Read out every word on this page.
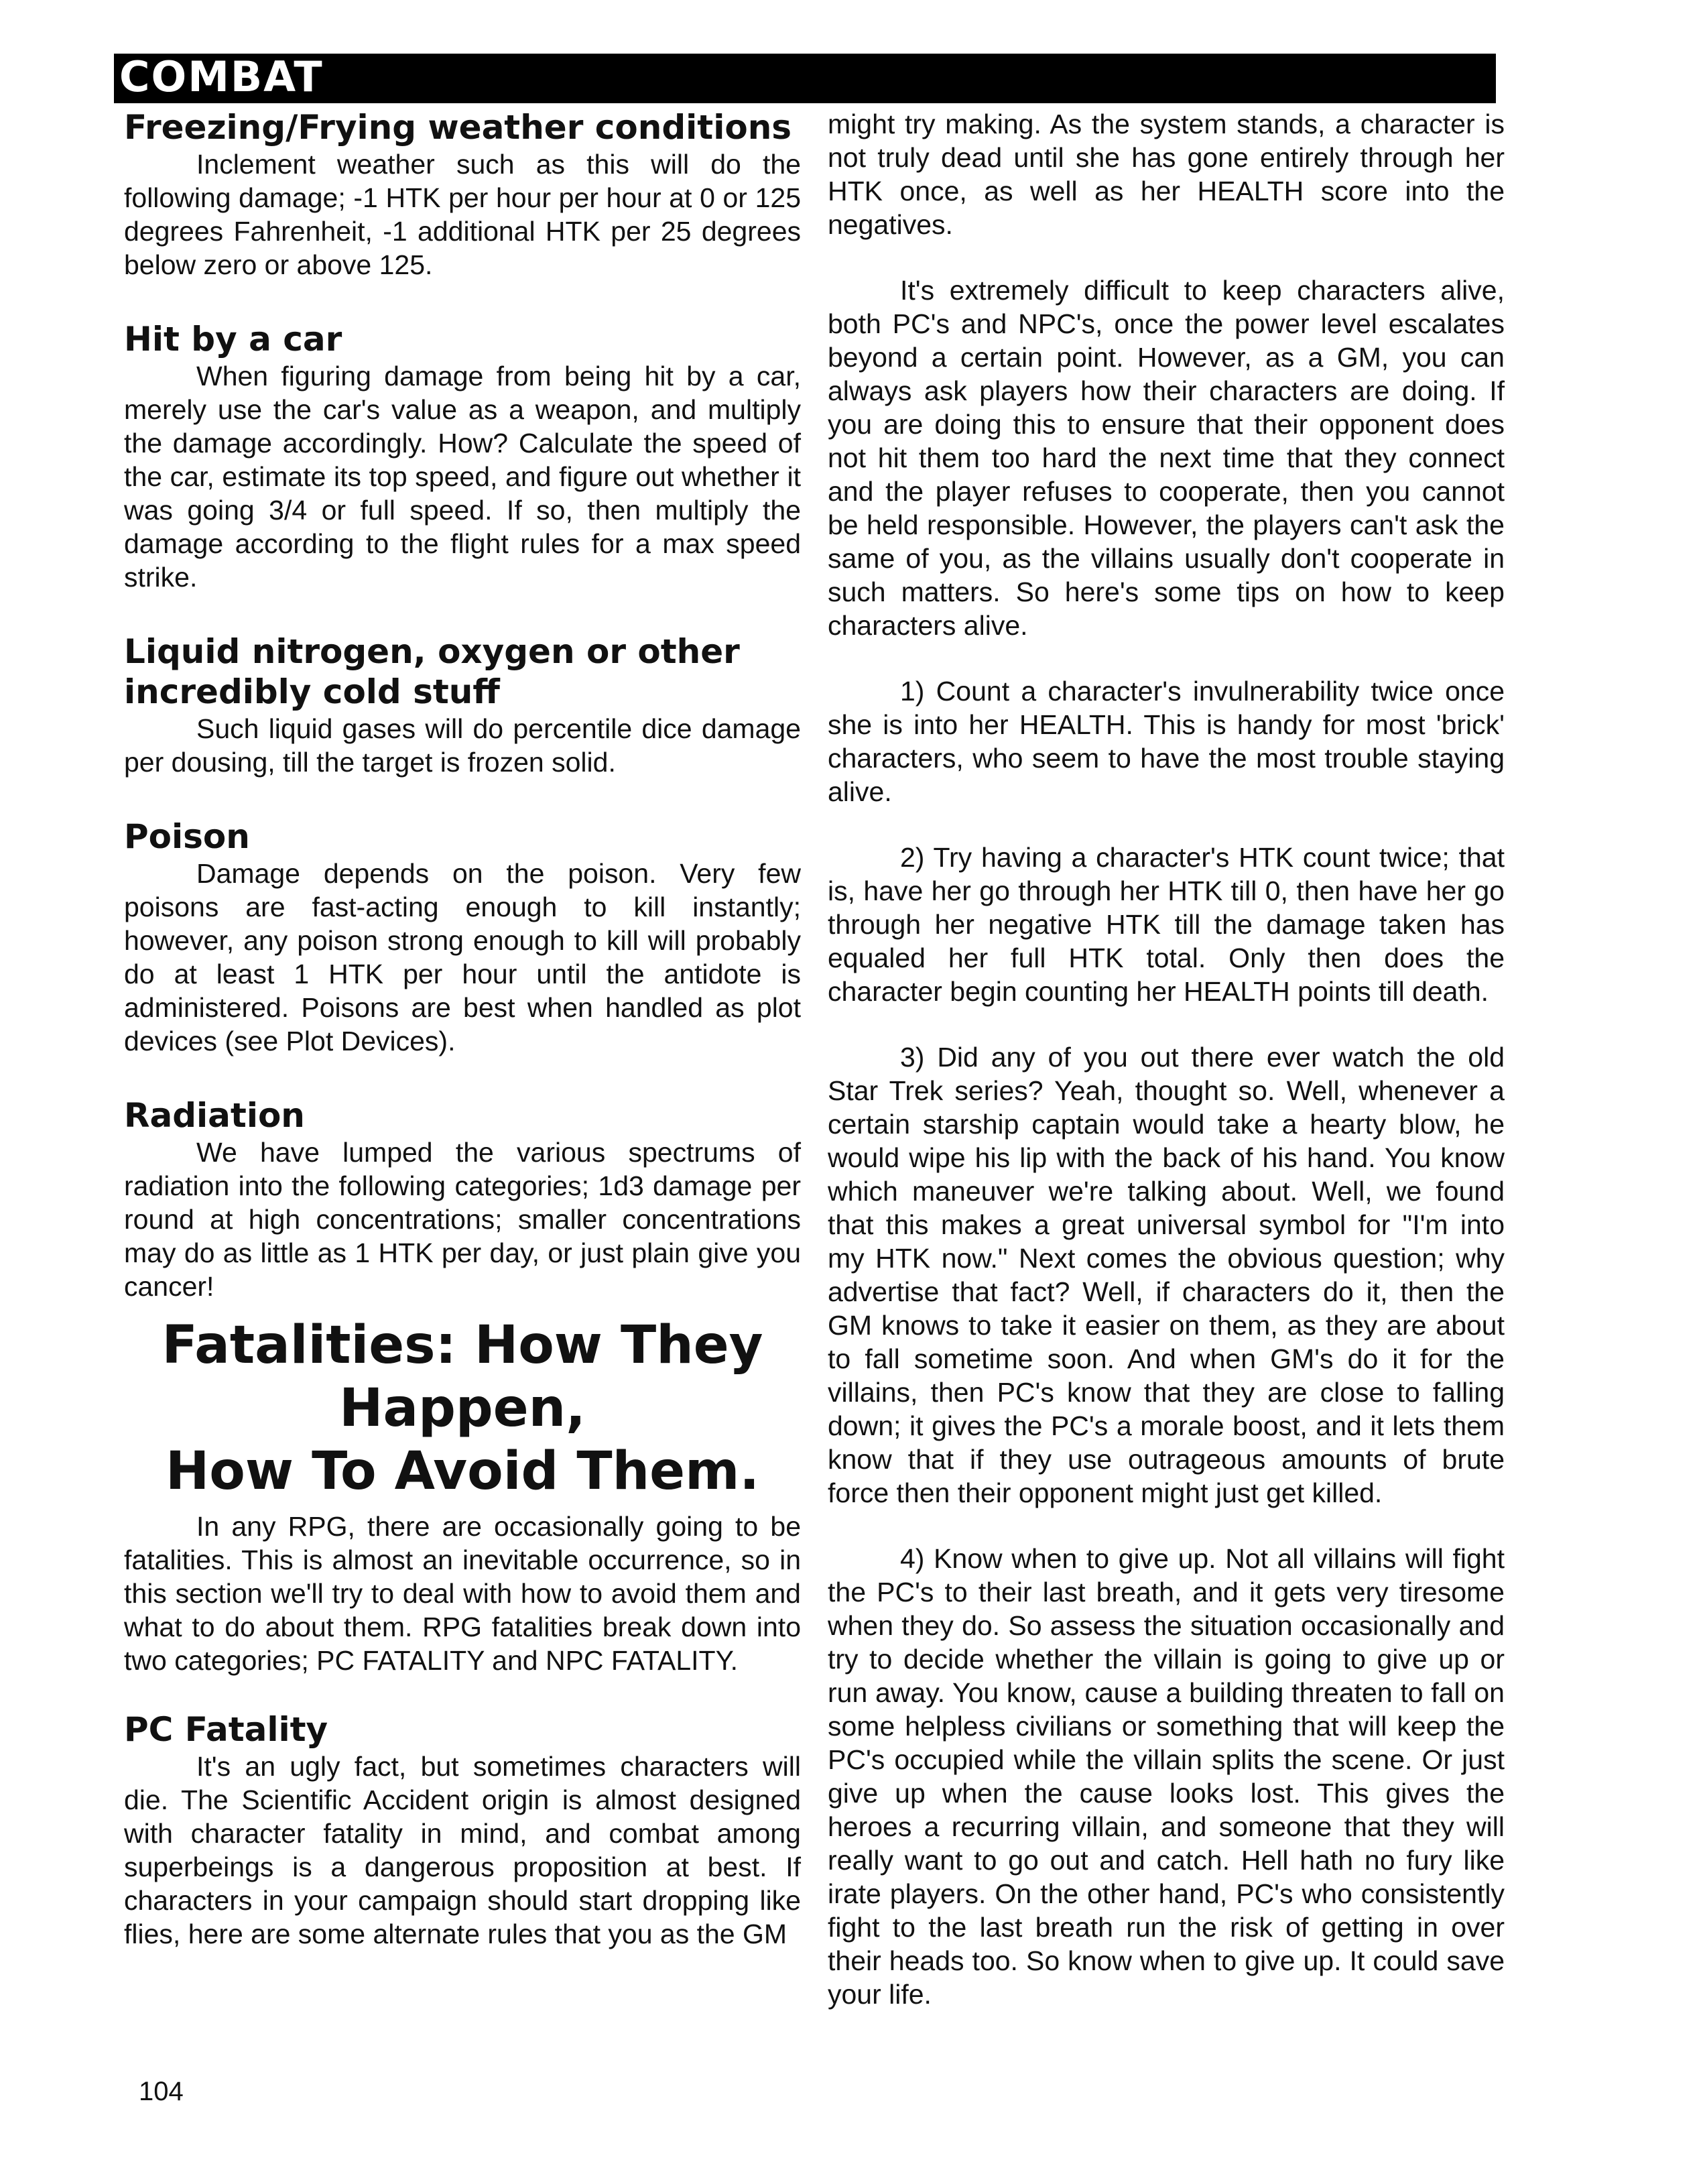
COMBAT
Freezing/Frying weather conditions

Inclement weather such as this will do the following damage; -1 HTK per hour per hour at 0 or 125 degrees Fahrenheit, -1 additional HTK per 25 degrees below zero or above 125.

Hit by a car

When figuring damage from being hit by a car, merely use the car's value as a weapon, and multiply the damage accordingly. How? Calculate the speed of the car, estimate its top speed, and figure out whether it was going 3/4 or full speed. If so, then multiply the damage according to the flight rules for a max speed strike.

Liquid nitrogen, oxygen or other incredibly cold stuff

Such liquid gases will do percentile dice damage per dousing, till the target is frozen solid.

Poison

Damage depends on the poison. Very few poisons are fast-acting enough to kill instantly; however, any poison strong enough to kill will probably do at least 1 HTK per hour until the antidote is administered. Poisons are best when handled as plot devices (see Plot Devices).

Radiation

We have lumped the various spectrums of radiation into the following categories; 1d3 damage per round at high concentrations; smaller concentrations may do as little as 1 HTK per day, or just plain give you cancer!

Fatalities: How They
Happen,
How To Avoid Them.

In any RPG, there are occasionally going to be fatalities. This is almost an inevitable occurrence, so in this section we'll try to deal with how to avoid them and what to do about them. RPG fatalities break down into two categories; PC FATALITY and NPC FATALITY.

PC Fatality

It's an ugly fact, but sometimes characters will die. The Scientific Accident origin is almost designed with character fatality in mind, and combat among superbeings is a dangerous proposition at best. If characters in your campaign should start dropping like flies, here are some alternate rules that you as the GM

might try making. As the system stands, a character is not truly dead until she has gone entirely through her HTK once, as well as her HEALTH score into the negatives.

It's extremely difficult to keep characters alive, both PC's and NPC's, once the power level escalates beyond a certain point. However, as a GM, you can always ask players how their characters are doing. If you are doing this to ensure that their opponent does not hit them too hard the next time that they connect and the player refuses to cooperate, then you cannot be held responsible. However, the players can't ask the same of you, as the villains usually don't cooperate in such matters. So here's some tips on how to keep characters alive.

1) Count a character's invulnerability twice once she is into her HEALTH. This is handy for most 'brick' characters, who seem to have the most trouble staying alive.

2) Try having a character's HTK count twice; that is, have her go through her HTK till 0, then have her go through her negative HTK till the damage taken has equaled her full HTK total. Only then does the character begin counting her HEALTH points till death.

3) Did any of you out there ever watch the old Star Trek series? Yeah, thought so. Well, whenever a certain starship captain would take a hearty blow, he would wipe his lip with the back of his hand. You know which maneuver we're talking about. Well, we found that this makes a great universal symbol for "I'm into my HTK now." Next comes the obvious question; why advertise that fact? Well, if characters do it, then the GM knows to take it easier on them, as they are about to fall sometime soon. And when GM's do it for the villains, then PC's know that they are close to falling down; it gives the PC's a morale boost, and it lets them know that if they use outrageous amounts of brute force then their opponent might just get killed.

4) Know when to give up. Not all villains will fight the PC's to their last breath, and it gets very tiresome when they do. So assess the situation occasionally and try to decide whether the villain is going to give up or run away. You know, cause a building threaten to fall on some helpless civilians or something that will keep the PC's occupied while the villain splits the scene. Or just give up when the cause looks lost. This gives the heroes a recurring villain, and someone that they will really want to go out and catch. Hell hath no fury like irate players. On the other hand, PC's who consistently fight to the last breath run the risk of getting in over their heads too. So know when to give up. It could save your life.

104
